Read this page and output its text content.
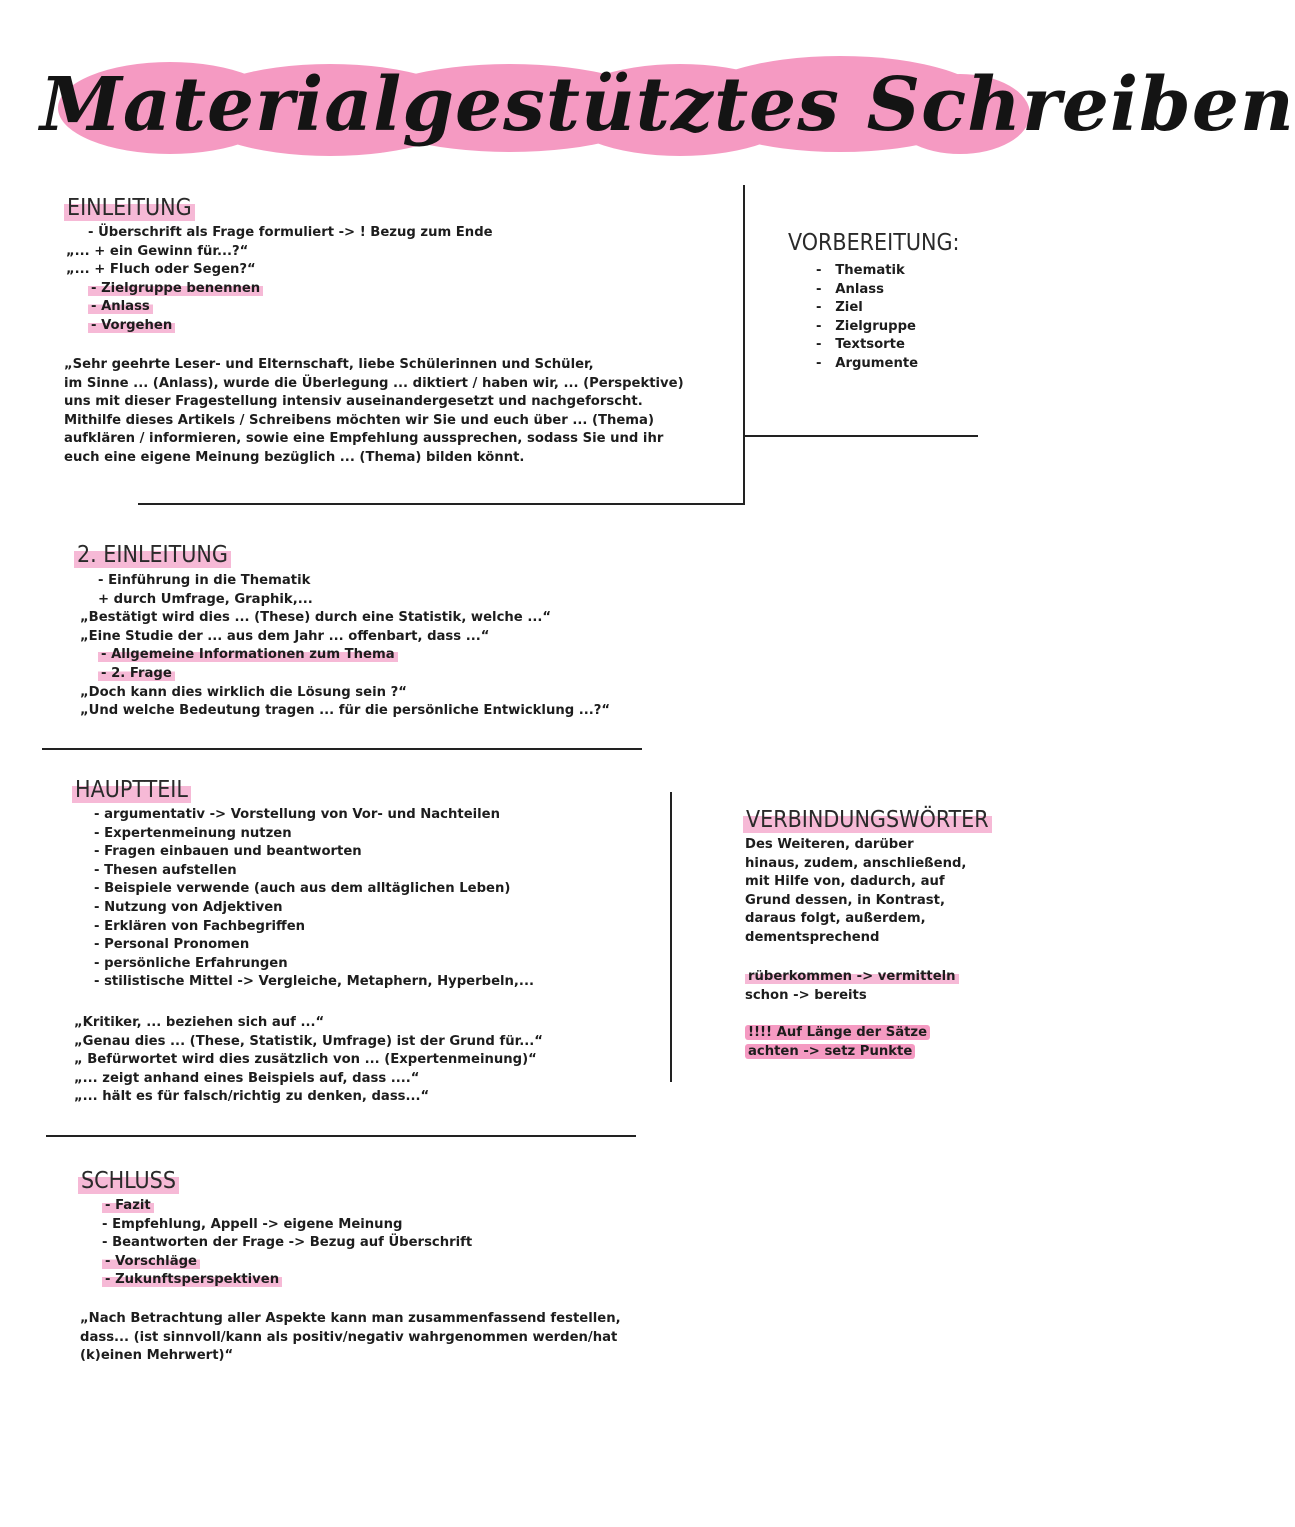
Materialgestütztes Schreiben
EINLEITUNG
- Überschrift als Frage formuliert -> ! Bezug zum Ende
„... + ein Gewinn für...?“
„... + Fluch oder Segen?“
- Zielgruppe benennen
- Anlass
- Vorgehen
„Sehr geehrte Leser- und Elternschaft, liebe Schülerinnen und Schüler,
im Sinne ... (Anlass), wurde die Überlegung ... diktiert / haben wir, ... (Perspektive)
uns mit dieser Fragestellung intensiv auseinandergesetzt und nachgeforscht.
Mithilfe dieses Artikels / Schreibens möchten wir Sie und euch über ... (Thema)
aufklären / informieren, sowie eine Empfehlung aussprechen, sodass Sie und ihr
euch eine eigene Meinung bezüglich ... (Thema) bilden könnt.
VORBEREITUNG:
-   Thematik
-   Anlass
-   Ziel
-   Zielgruppe
-   Textsorte
-   Argumente
2. EINLEITUNG
- Einführung in die Thematik
+ durch Umfrage, Graphik,...
„Bestätigt wird dies ... (These) durch eine Statistik, welche ...“
„Eine Studie der ... aus dem Jahr ... offenbart, dass ...“
- Allgemeine Informationen zum Thema
- 2. Frage
„Doch kann dies wirklich die Lösung sein ?“
„Und welche Bedeutung tragen ... für die persönliche Entwicklung ...?“
HAUPTTEIL
- argumentativ -> Vorstellung von Vor- und Nachteilen
- Expertenmeinung nutzen
- Fragen einbauen und beantworten
- Thesen aufstellen
- Beispiele verwende (auch aus dem alltäglichen Leben)
- Nutzung von Adjektiven
- Erklären von Fachbegriffen
- Personal Pronomen
- persönliche Erfahrungen
- stilistische Mittel -> Vergleiche, Metaphern, Hyperbeln,...
„Kritiker, ... beziehen sich auf ...“
„Genau dies ... (These, Statistik, Umfrage) ist der Grund für...“
„ Befürwortet wird dies zusätzlich von ... (Expertenmeinung)“
„... zeigt anhand eines Beispiels auf, dass ....“
„... hält es für falsch/richtig zu denken, dass...“
VERBINDUNGSWÖRTER
Des Weiteren, darüber
hinaus, zudem, anschließend,
mit Hilfe von, dadurch, auf
Grund dessen, in Kontrast,
daraus folgt, außerdem,
dementsprechend
rüberkommen -> vermitteln
schon -> bereits
!!!! Auf Länge der Sätze
achten -> setz Punkte
SCHLUSS
- Fazit
- Empfehlung, Appell -> eigene Meinung
- Beantworten der Frage -> Bezug auf Überschrift
- Vorschläge
- Zukunftsperspektiven
„Nach Betrachtung aller Aspekte kann man zusammenfassend festellen,
dass... (ist sinnvoll/kann als positiv/negativ wahrgenommen werden/hat
(k)einen Mehrwert)“
